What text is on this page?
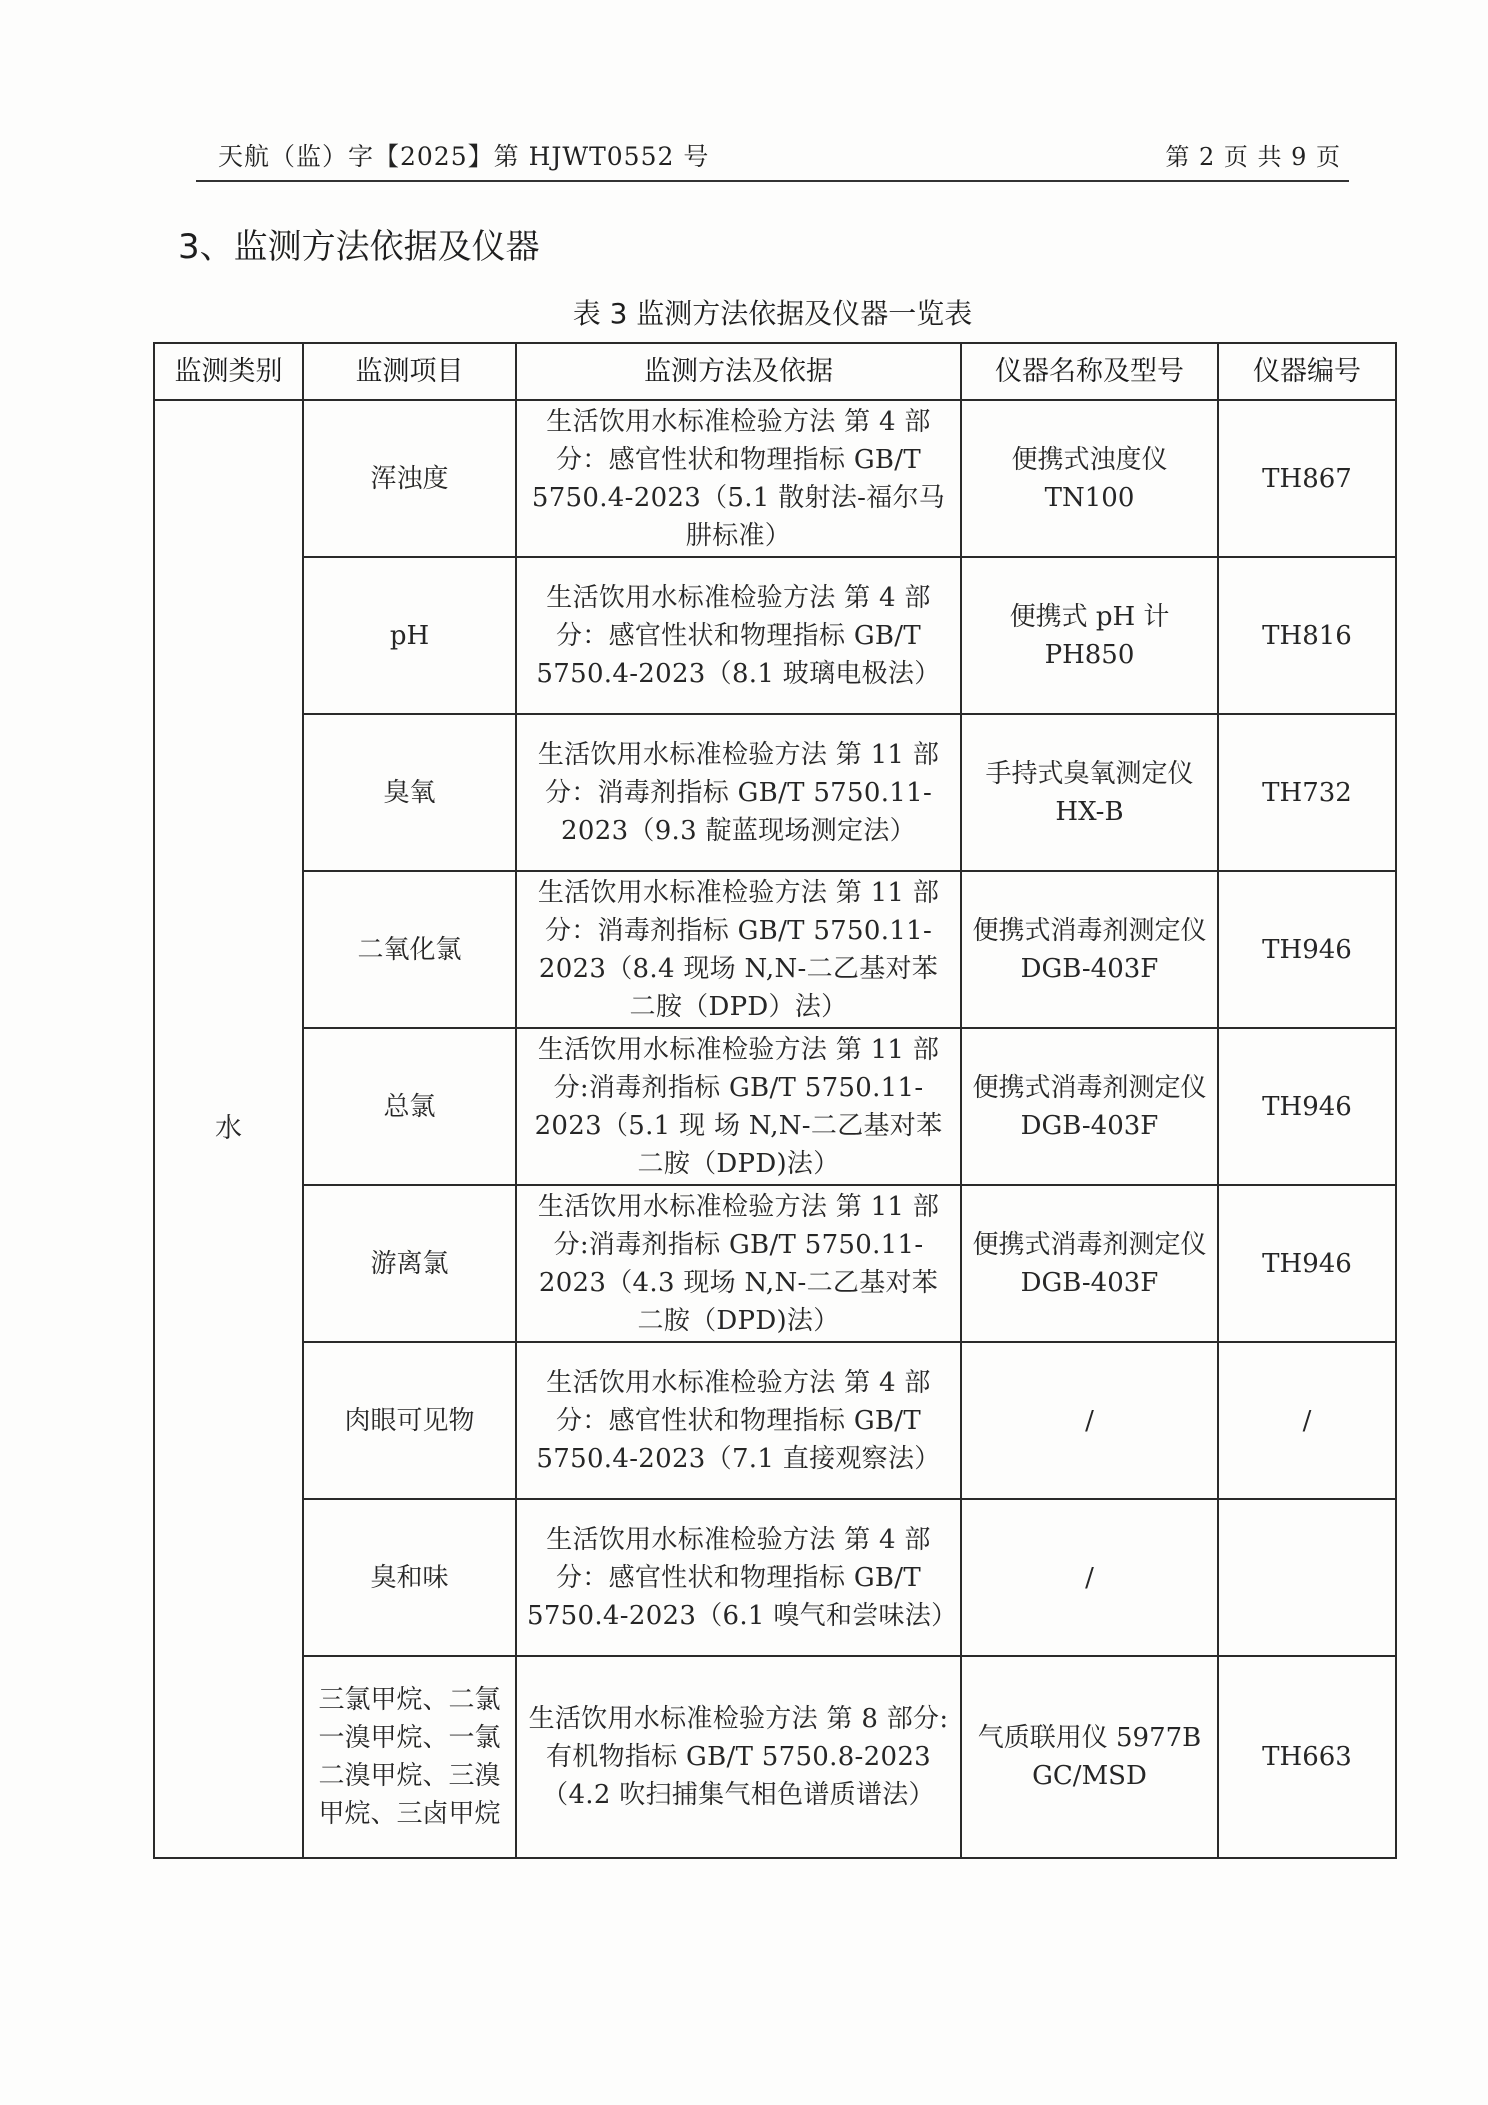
天航（监）字【2025】第 HJWT0552 号	第 2 页 共 9 页
3、监测方法依据及仪器
表 3 监测方法依据及仪器一览表
监测类别	监测项目	监测方法及依据	仪器名称及型号	仪器编号
水	浑浊度	生活饮用水标准检验方法 第 4 部分：感官性状和物理指标 GB/T 5750.4-2023（5.1 散射法-福尔马肼标准）	便携式浊度仪 TN100	TH867
	pH	生活饮用水标准检验方法 第 4 部分：感官性状和物理指标 GB/T 5750.4-2023（8.1 玻璃电极法）	便携式 pH 计 PH850	TH816
	臭氧	生活饮用水标准检验方法 第 11 部分：消毒剂指标 GB/T 5750.11-2023（9.3 靛蓝现场测定法）	手持式臭氧测定仪 HX-B	TH732
	二氧化氯	生活饮用水标准检验方法 第 11 部分：消毒剂指标 GB/T 5750.11-2023（8.4 现场 N,N-二乙基对苯二胺（DPD）法）	便携式消毒剂测定仪 DGB-403F	TH946
	总氯	生活饮用水标准检验方法 第 11 部分:消毒剂指标 GB/T 5750.11-2023（5.1 现 场 N,N-二乙基对苯二胺（DPD)法）	便携式消毒剂测定仪 DGB-403F	TH946
	游离氯	生活饮用水标准检验方法 第 11 部分:消毒剂指标 GB/T 5750.11-2023（4.3 现场 N,N-二乙基对苯二胺（DPD)法）	便携式消毒剂测定仪 DGB-403F	TH946
	肉眼可见物	生活饮用水标准检验方法 第 4 部分：感官性状和物理指标 GB/T 5750.4-2023（7.1 直接观察法）	/	/
	臭和味	生活饮用水标准检验方法 第 4 部分：感官性状和物理指标 GB/T 5750.4-2023（6.1 嗅气和尝味法）	/	
	三氯甲烷、二氯一溴甲烷、一氯二溴甲烷、三溴甲烷、三卤甲烷	生活饮用水标准检验方法 第 8 部分:有机物指标 GB/T 5750.8-2023（4.2 吹扫捕集气相色谱质谱法）	气质联用仪 5977B GC/MSD	TH663
